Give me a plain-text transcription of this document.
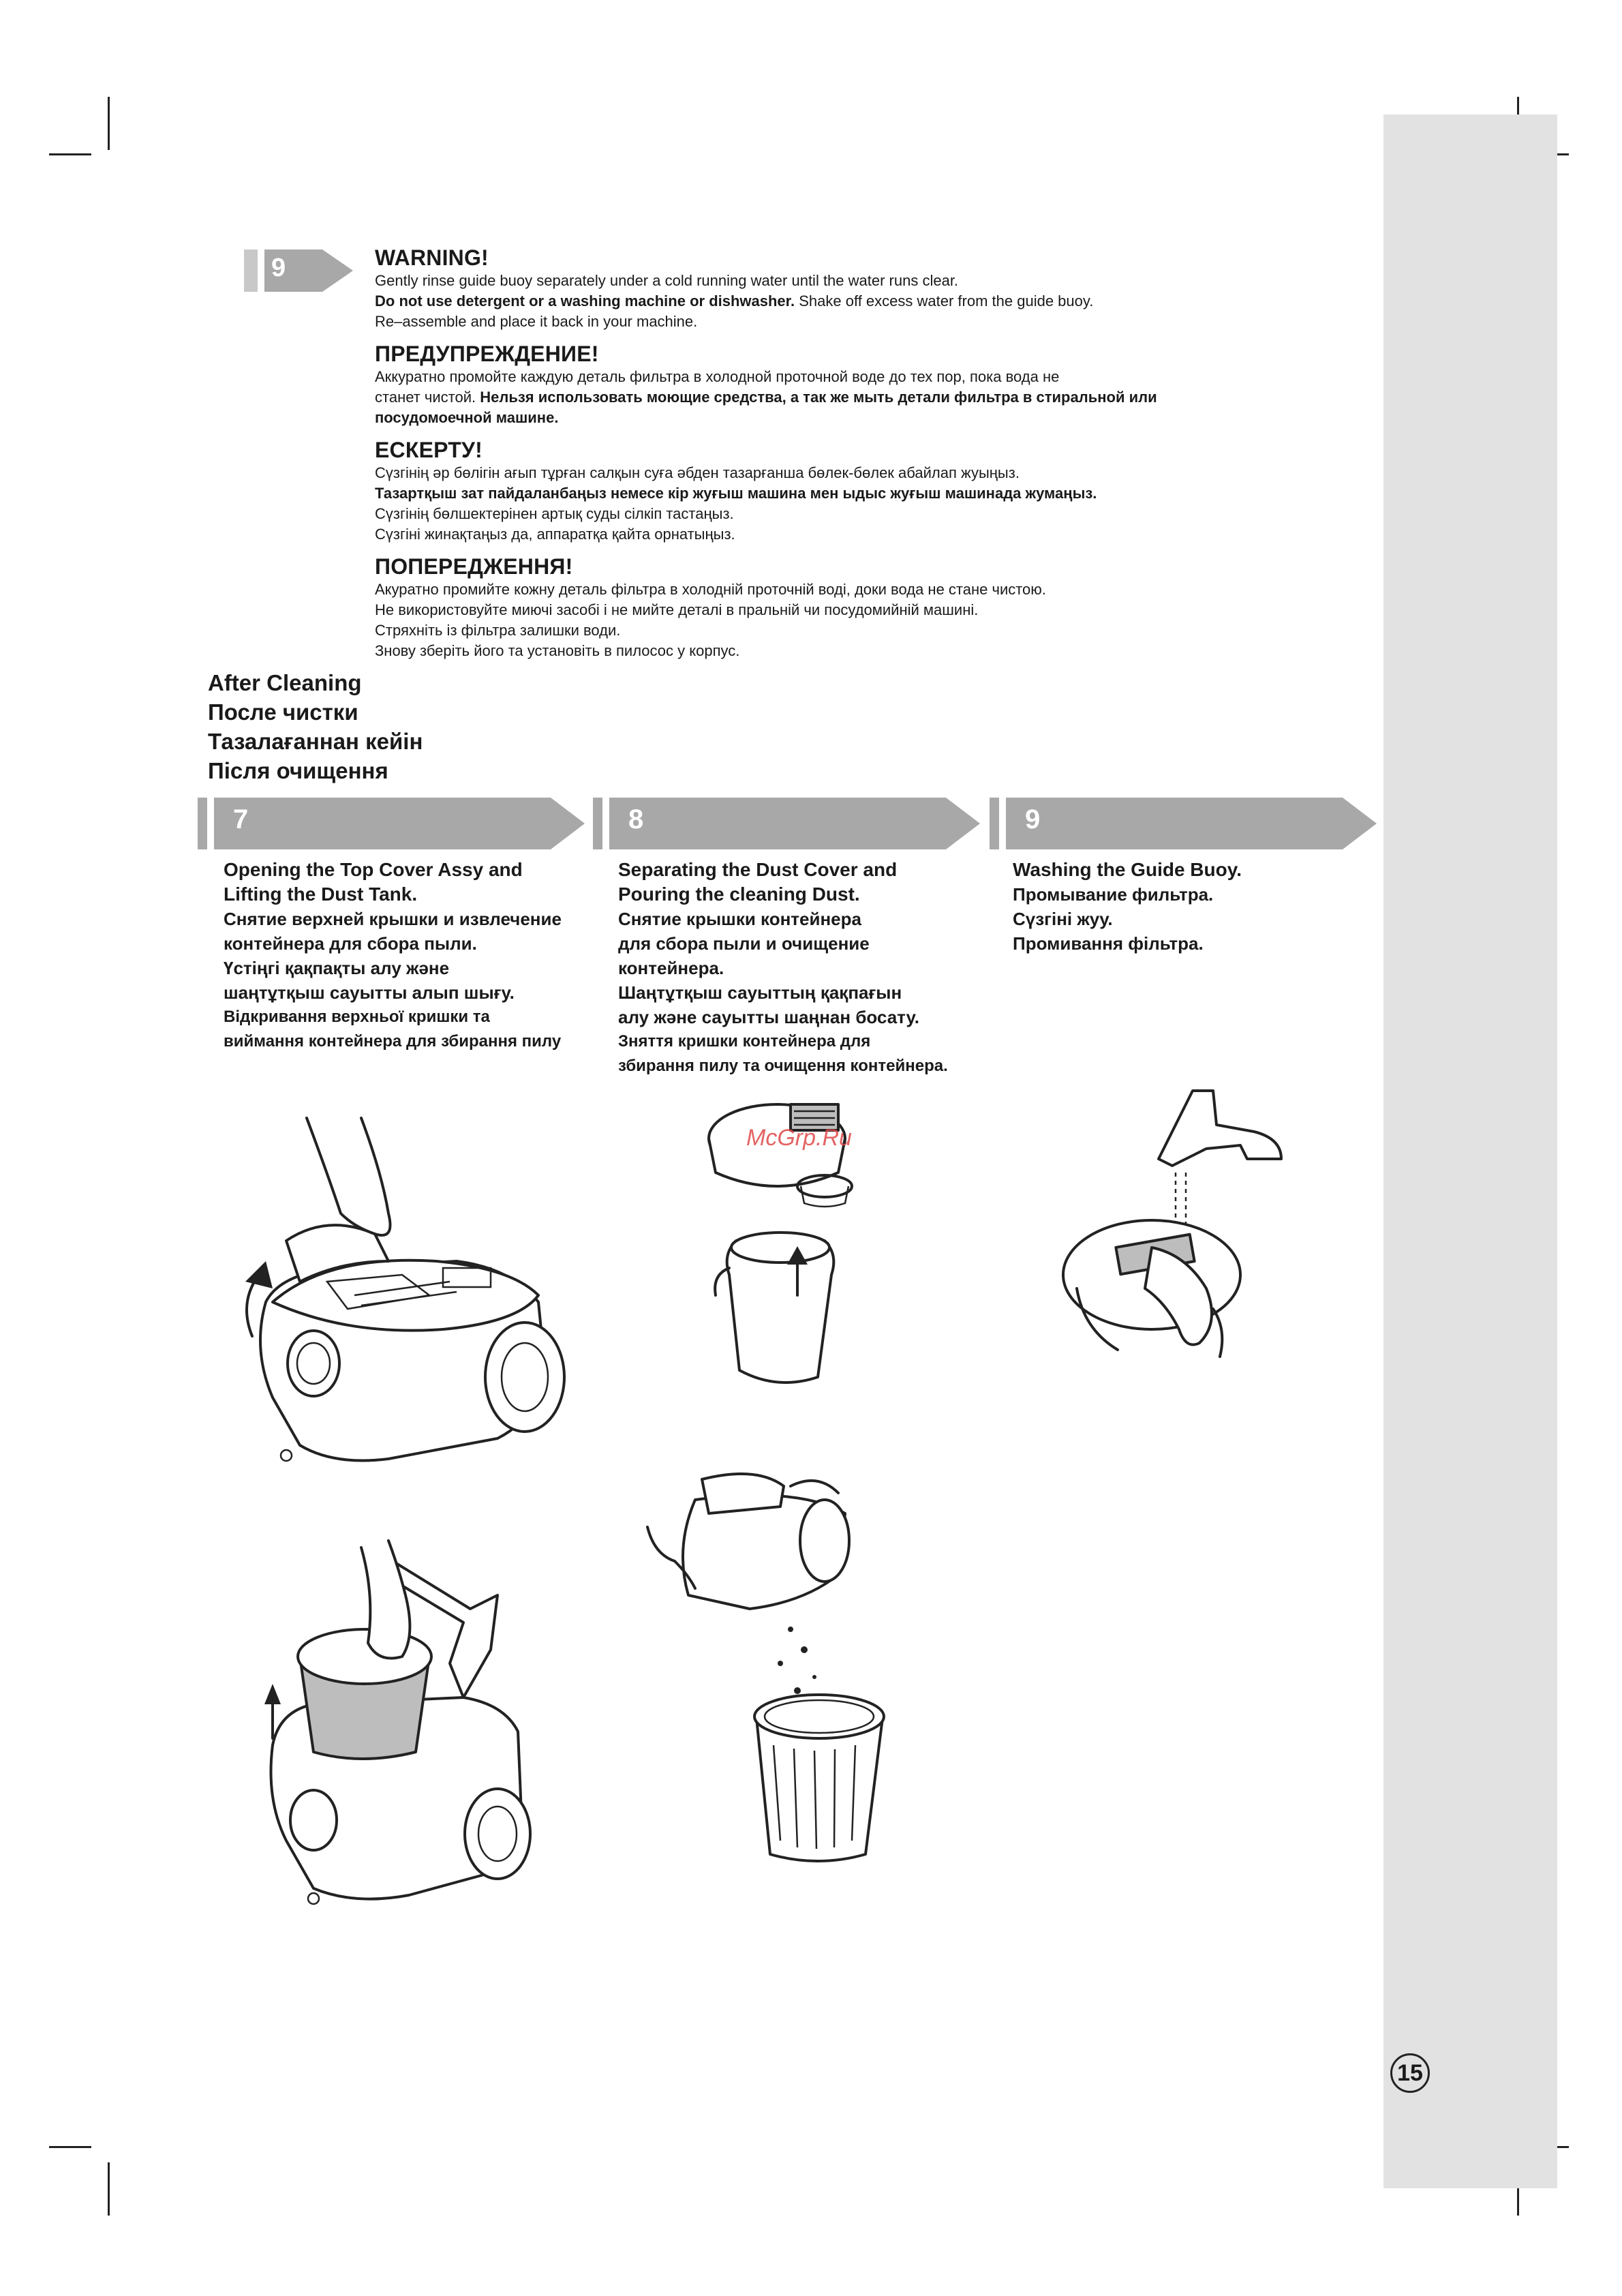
15
9	WARNING!

Gently rinse guide buoy separately under a cold running water until the water runs clear.

Do not use detergent or a washing machine or dishwasher. Shake off excess water from the guide buoy.

Re–assemble and place it back in your machine.

ПРЕДУПРЕЖДЕНИЕ!

Аккуратно промойте каждую деталь фильтра в холодной проточной воде до тех пор, пока вода не

станет чистой. Нельзя использовать моющие средства, а так же мыть детали фильтра в стиральной или

посудомоечной машине.

ЕСКЕРТУ!

Сүзгінің әр бөлігін ағып тұрған салқын суға әбден тазарғанша бөлек-бөлек абайлап жуыңыз.

Тазартқыш зат пайдаланбаңыз немесе кір жуғыш машина мен ыдыс жуғыш машинада жумаңыз.

Сүзгінің бөлшектерінен артық суды сілкіп тастаңыз.

Сүзгіні жинақтаңыз да, аппаратқа қайта орнатыңыз.

ПОПЕРЕДЖЕННЯ!

Акуратно промийте кожну деталь фільтра в холодній проточній воді, доки вода не стане чистою.

Не використовуйте миючі засобі і не мийте деталі в пральній чи посудомийній машині.

Стряхніть із фільтра залишки води.

Знову зберіть його та установіть в пилосос у корпус.

After Cleaning
После чистки
Тазалағаннан кейін
Після очищення
7	8	9
Opening the Top Cover Assy and
Lifting the Dust Tank.
Снятие верхней крышки и извлечение
контейнера для сбора пыли.
Үстіңгі қақпақты алу және
шаңтұтқыш сауытты алып шығу.
Відкривання верхньої кришки та
виймання контейнера для збирання пилу
Separating the Dust Cover and
Pouring the cleaning Dust.
Снятие крышки контейнера
для сбора пыли и очищение
контейнера.
Шаңтұтқыш сауыттың қақпағын
алу және сауытты шаңнан босату.
Зняття кришки контейнера для
збирання пилу та очищення контейнера.
Washing the Guide Buoy.
Промывание фильтра.
Сүзгіні жуу.
Промивання фільтра.
McGrp.Ru
